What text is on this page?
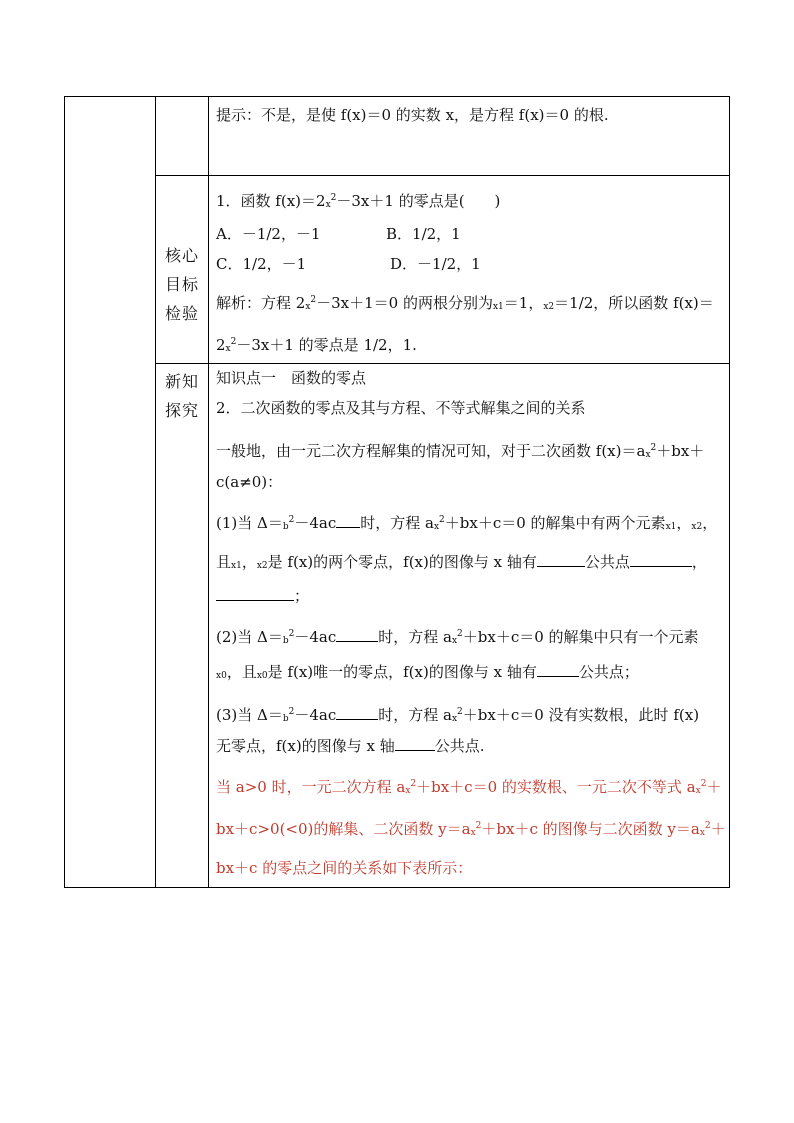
提示：不是，是使 f(x)＝0 的实数 x，是方程 f(x)＝0 的根.
核心
目标
检验
1．函数 $f(x)=2x^2-3x+1$ 的零点是(　　)
A．－1/2，－1	B．1/2，1
C．1/2，－1	D．－1/2，1
解析：方程 $2x^2-3x+1=0$ 的两根分别为x1＝1，x2＝1/2，所以函数 f(x)＝
$2x^2-3x+1$ 的零点是 1/2，1.
新知
探究
知识点一　函数的零点
2．二次函数的零点及其与方程、不等式解集之间的关系
一般地，由一元二次方程解集的情况可知，对于二次函数 $f(x)=ax^2+bx+$
c(a≠0)：
(1)当 $\Delta=b^2-4ac$ 时，方程 $ax^2+bx+c=0$ 的解集中有两个元素x1，x2，
且x1，x2是 f(x)的两个零点，f(x)的图像与 x 轴有	公共点	，
；
(2)当 $\Delta=b^2-4ac$	时，方程 $ax^2+bx+c=0$ 的解集中只有一个元素
x0，且x0是 f(x)唯一的零点，f(x)的图像与 x 轴有	公共点；
(3)当 $\Delta=b^2-4ac$	时，方程 $ax^2+bx+c=0$ 没有实数根，此时 f(x)
无零点，f(x)的图像与 x 轴	公共点.
当 a>0 时，一元二次方程 $ax^2+bx+c=0$ 的实数根、一元二次不等式 $ax^2+$
bx＋c>0(<0)的解集、二次函数 $y=ax^2+bx+c$ 的图像与二次函数 $y=ax^2+$
bx＋c 的零点之间的关系如下表所示：
